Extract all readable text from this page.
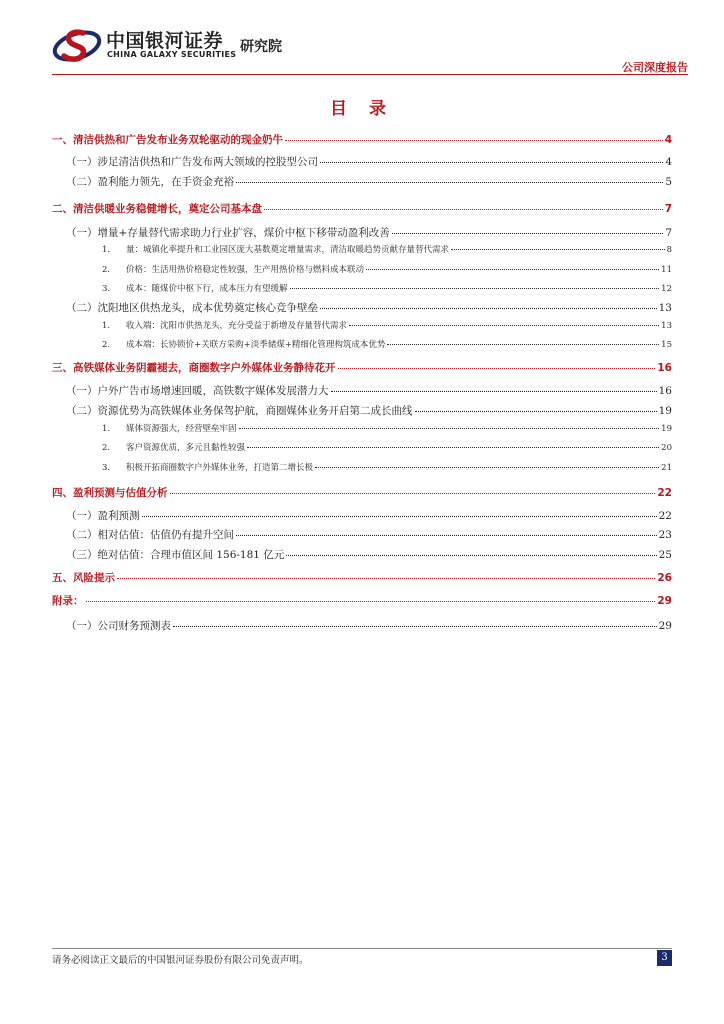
中国银河证券
CHINA GALAXY SECURITIES 研究院
公司深度报告
目 录
一、清洁供热和广告发布业务双轮驱动的现金奶牛	4
（一）涉足清洁供热和广告发布两大领域的控股型公司	4
（二）盈利能力领先，在手资金充裕	5
二、清洁供暖业务稳健增长，奠定公司基本盘	7
（一）增量+存量替代需求助力行业扩容，煤价中枢下移带动盈利改善	7
1.	量：城镇化率提升和工业园区庞大基数奠定增量需求，清洁取暖趋势贡献存量替代需求	8
2.	价格：生活用热价格稳定性较强，生产用热价格与燃料成本联动	11
3.	成本：随煤价中枢下行，成本压力有望缓解	12
（二）沈阳地区供热龙头，成本优势奠定核心竞争壁垒	13
1.	收入端：沈阳市供热龙头，充分受益于新增及存量替代需求	13
2.	成本端：长协锁价+关联方采购+淡季储煤+精细化管理构筑成本优势	15
三、高铁媒体业务阴霾褪去，商圈数字户外媒体业务静待花开	16
（一）户外广告市场增速回暖，高铁数字媒体发展潜力大	16
（二）资源优势为高铁媒体业务保驾护航，商圈媒体业务开启第二成长曲线	19
1.	媒体资源强大，经营壁垒牢固	19
2.	客户资源优质，多元且黏性较强	20
3.	积极开拓商圈数字户外媒体业务，打造第二增长极	21
四、盈利预测与估值分析	22
（一）盈利预测	22
（二）相对估值：估值仍有提升空间	23
（三）绝对估值：合理市值区间 156-181 亿元	25
五、风险提示	26
附录：	29
（一）公司财务预测表	29
请务必阅读正文最后的中国银河证券股份有限公司免责声明。	3
